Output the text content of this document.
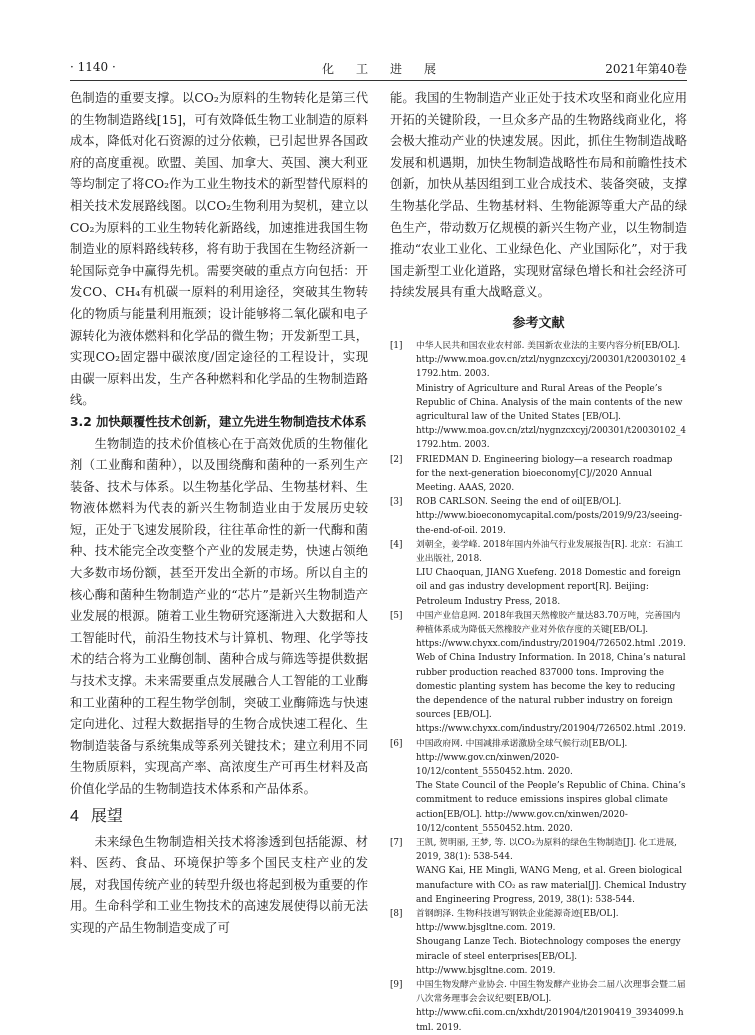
· 1140 ·	化工进展	2021年第40卷

色制造的重要支撑。以CO₂为原料的生物转化是第三代的生物制造路线[15]，可有效降低生物工业制造的原料成本，降低对化石资源的过分依赖，已引起世界各国政府的高度重视。欧盟、美国、加拿大、英国、澳大利亚等均制定了将CO₂作为工业生物技术的新型替代原料的相关技术发展路线图。以CO₂生物利用为契机，建立以CO₂为原料的工业生物转化新路线，加速推进我国生物制造业的原料路线转移，将有助于我国在生物经济新一轮国际竞争中赢得先机。需要突破的重点方向包括：开发CO、CH₄有机碳一原料的利用途径，突破其生物转化的物质与能量利用瓶颈；设计能够将二氧化碳和电子源转化为液体燃料和化学品的微生物；开发新型工具，实现CO₂固定器中碳浓度/固定途径的工程设计，实现由碳一原料出发，生产各种燃料和化学品的生物制造路线。

3.2 加快颠覆性技术创新，建立先进生物制造技术体系

生物制造的技术价值核心在于高效优质的生物催化剂（工业酶和菌种），以及围绕酶和菌种的一系列生产装备、技术与体系。以生物基化学品、生物基材料、生物液体燃料为代表的新兴生物制造业由于发展历史较短，正处于飞速发展阶段，往往革命性的新一代酶和菌种、技术能完全改变整个产业的发展走势，快速占领绝大多数市场份额，甚至开发出全新的市场。所以自主的核心酶和菌种生物制造产业的“芯片”是新兴生物制造产业发展的根源。随着工业生物研究逐渐进入大数据和人工智能时代，前沿生物技术与计算机、物理、化学等技术的结合将为工业酶创制、菌种合成与筛选等提供数据与技术支撑。未来需要重点发展融合人工智能的工业酶和工业菌种的工程生物学创制，突破工业酶筛选与快速定向进化、过程大数据指导的生物合成快速工程化、生物制造装备与系统集成等系列关键技术；建立利用不同生物质原料，实现高产率、高浓度生产可再生材料及高价值化学品的生物制造技术体系和产品体系。

4 展望

未来绿色生物制造相关技术将渗透到包括能源、材料、医药、食品、环境保护等多个国民支柱产业的发展，对我国传统产业的转型升级也将起到极为重要的作用。生命科学和工业生物技术的高速发展使得以前无法实现的产品生物制造变成了可

能。我国的生物制造产业正处于技术攻坚和商业化应用开拓的关键阶段，一旦众多产品的生物路线商业化，将会极大推动产业的快速发展。因此，抓住生物制造战略发展和机遇期，加快生物制造战略性布局和前瞻性技术创新，加快从基因组到工业合成技术、装备突破，支撑生物基化学品、生物基材料、生物能源等重大产品的绿色生产，带动数万亿规模的新兴生物产业，以生物制造推动“农业工业化、工业绿色化、产业国际化”，对于我国走新型工业化道路，实现财富绿色增长和社会经济可持续发展具有重大战略意义。

参考文献
[1] 中华人民共和国农业农村部. 美国新农业法的主要内容分析[EB/OL]. http://www.moa.gov.cn/ztzl/nygnzcxcyj/200301/t20030102_41792.htm. 2003.
Ministry of Agriculture and Rural Areas of the People’s Republic of China. Analysis of the main contents of the new agricultural law of the United States [EB/OL]. http://www.moa.gov.cn/ztzl/nygnzcxcyj/200301/t20030102_41792.htm. 2003.
[2] FRIEDMAN D. Engineering biology—a research roadmap for the next-generation bioeconomy[C]//2020 Annual Meeting. AAAS, 2020.
[3] ROB CARLSON. Seeing the end of oil[EB/OL]. http://www.bioeconomycapital.com/posts/2019/9/23/seeing-the-end-of-oil. 2019.
[4] 刘朝全，姜学峰. 2018年国内外油气行业发展报告[R]. 北京：石油工业出版社, 2018.
LIU Chaoquan, JIANG Xuefeng. 2018 Domestic and foreign oil and gas industry development report[R]. Beijing: Petroleum Industry Press, 2018.
[5] 中国产业信息网. 2018年我国天然橡胶产量达83.70万吨，完善国内种植体系成为降低天然橡胶产业对外依存度的关键[EB/OL]. https://www.chyxx.com/industry/201904/726502.html .2019.
Web of China Industry Information. In 2018, China’s natural rubber production reached 837000 tons. Improving the domestic planting system has become the key to reducing the dependence of the natural rubber industry on foreign sources [EB/OL]. https://www.chyxx.com/industry/201904/726502.html .2019.
[6] 中国政府网. 中国减排承诺激励全球气候行动[EB/OL]. http://www.gov.cn/xinwen/2020-10/12/content_5550452.htm. 2020.
The State Council of the People’s Republic of China. China’s commitment to reduce emissions inspires global climate action[EB/OL]. http://www.gov.cn/xinwen/2020-10/12/content_5550452.htm. 2020.
[7] 王凯, 贺明丽, 王梦, 等. 以CO₂为原料的绿色生物制造[J]. 化工进展, 2019, 38(1): 538-544.
WANG Kai, HE Mingli, WANG Meng, et al. Green biological manufacture with CO₂ as raw material[J]. Chemical Industry and Engineering Progress, 2019, 38(1): 538-544.
[8] 首钢朗泽. 生物科技谱写钢铁企业能源奇迹[EB/OL]. http://www.bjsgltne.com. 2019.
Shougang Lanze Tech. Biotechnology composes the energy miracle of steel enterprises[EB/OL]. http://www.bjsgltne.com. 2019.
[9] 中国生物发酵产业协会. 中国生物发酵产业协会二届八次理事会暨二届八次常务理事会会议纪要[EB/OL]. http://www.cfii.com.cn/xxhdt/201904/t20190419_3934099.html. 2019.
